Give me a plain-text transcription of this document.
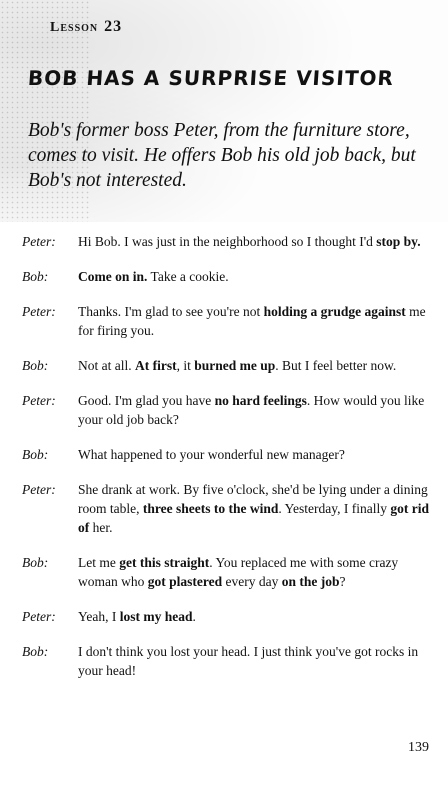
Lesson 23
BOB HAS A SURPRISE VISITOR
Bob's former boss Peter, from the furniture store, comes to visit. He offers Bob his old job back, but Bob's not interested.
Peter:	Hi Bob. I was just in the neighborhood so I thought I'd stop by.
Bob:	Come on in. Take a cookie.
Peter:	Thanks. I'm glad to see you're not holding a grudge against me for firing you.
Bob:	Not at all. At first, it burned me up. But I feel better now.
Peter:	Good. I'm glad you have no hard feelings. How would you like your old job back?
Bob:	What happened to your wonderful new manager?
Peter:	She drank at work. By five o'clock, she'd be lying under a dining room table, three sheets to the wind. Yesterday, I finally got rid of her.
Bob:	Let me get this straight. You replaced me with some crazy woman who got plastered every day on the job?
Peter:	Yeah, I lost my head.
Bob:	I don't think you lost your head. I just think you've got rocks in your head!
139
